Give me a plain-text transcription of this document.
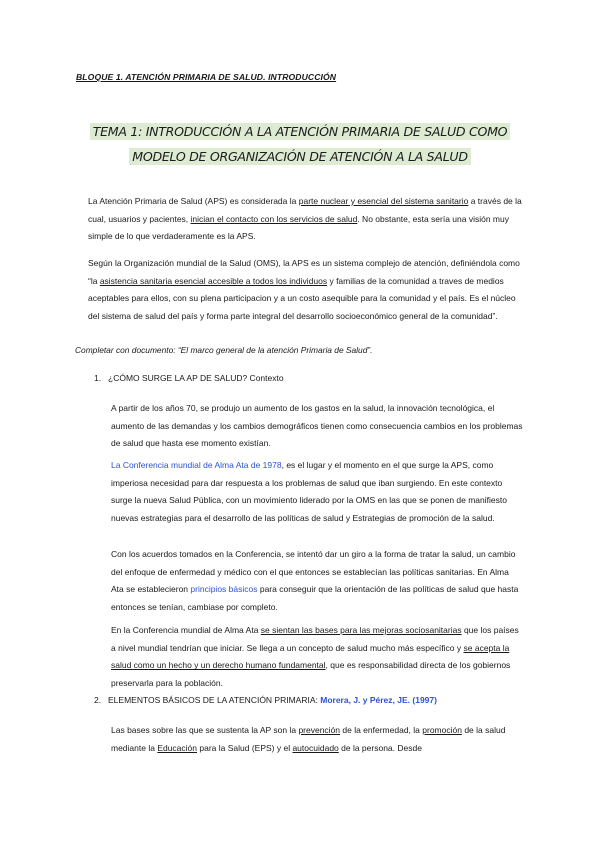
BLOQUE 1. ATENCIÓN PRIMARIA DE SALUD. INTRODUCCIÓN
TEMA 1: INTRODUCCIÓN A LA ATENCIÓN PRIMARIA DE SALUD COMO
MODELO DE ORGANIZACIÓN DE ATENCIÓN A LA SALUD
La Atención Primaria de Salud (APS) es considerada la parte nuclear y esencial del sistema sanitario a través de la cual, usuarios y pacientes, inician el contacto con los servicios de salud. No obstante, esta sería una visión muy simple de lo que verdaderamente es la APS.
Según la Organización mundial de la Salud (OMS), la APS es un sistema complejo de atención, definiéndola como “la asistencia sanitaria esencial accesible a todos los individuos y familias de la comunidad a traves de medios aceptables para ellos, con su plena participacion y a un costo asequible para la comunidad y el país. Es el núcleo del sistema de salud del país y forma parte integral del desarrollo socioeconómico general de la comunidad”.
Completar con documento: “El marco general de la atención Primaria de Salud”.
1. ¿CÓMO SURGE LA AP DE SALUD? Contexto
A partir de los años 70, se produjo un aumento de los gastos en la salud, la innovación tecnológica, el aumento de las demandas y los cambios demográficos tienen como consecuencia cambios en los problemas de salud que hasta ese momento existían.
La Conferencia mundial de Alma Ata de 1978, es el lugar y el momento en el que surge la APS, como imperiosa necesidad para dar respuesta a los problemas de salud que iban surgiendo. En este contexto surge la nueva Salud Pública, con un movimiento liderado por la OMS en las que se ponen de manifiesto nuevas estrategias para el desarrollo de las políticas de salud y Estrategias de promoción de la salud.
Con los acuerdos tomados en la Conferencia, se intentó dar un giro a la forma de tratar la salud, un cambio del enfoque de enfermedad y médico con el que entonces se establecían las políticas sanitarias. En Alma Ata se establecieron principios básicos para conseguir que la orientación de las políticas de salud que hasta entonces se tenían, cambiase por completo.
En la Conferencia mundial de Alma Ata se sientan las bases para las mejoras sociosanitarias que los países a nivel mundial tendrían que iniciar. Se llega a un concepto de salud mucho más específico y se acepta la salud como un hecho y un derecho humano fundamental, que es responsabilidad directa de los gobiernos preservarla para la población.
2. ELEMENTOS BÁSICOS DE LA ATENCIÓN PRIMARIA: Morera, J. y Pérez, JE. (1997)
Las bases sobre las que se sustenta la AP son la prevención de la enfermedad, la promoción de la salud mediante la Educación para la Salud (EPS) y el autocuidado de la persona. Desde
